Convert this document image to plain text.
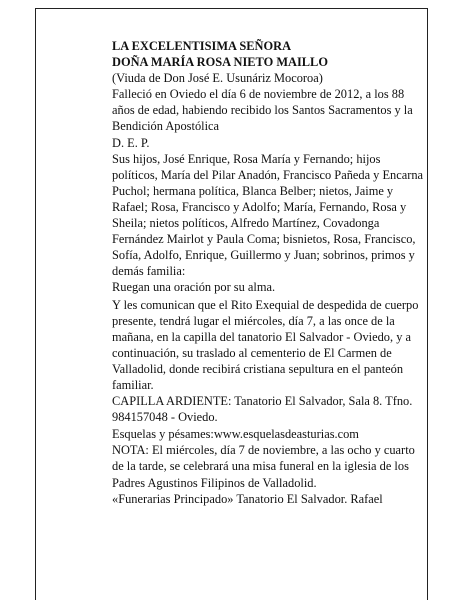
LA EXCELENTISIMA SEÑORA

DOÑA MARÍA ROSA NIETO MAILLO

(Viuda de Don José E. Usunáriz Mocoroa)

Falleció en Oviedo el día 6 de noviembre de 2012, a los 88 años de edad, habiendo recibido los Santos Sacramentos y la Bendición Apostólica

D. E. P.

Sus hijos, José Enrique, Rosa María y Fernando; hijos políticos, María del Pilar Anadón, Francisco Pañeda y Encarna Puchol; hermana política, Blanca Belber; nietos, Jaime y Rafael; Rosa, Francisco y Adolfo; María, Fernando, Rosa y Sheila; nietos políticos, Alfredo Martínez, Covadonga Fernández Mairlot y Paula Coma; bisnietos, Rosa, Francisco, Sofía, Adolfo, Enrique, Guillermo y Juan; sobrinos, primos y demás familia:

Ruegan una oración por su alma.

Y les comunican que el Rito Exequial de despedida de cuerpo presente, tendrá lugar el miércoles, día 7, a las once de la mañana, en la capilla del tanatorio El Salvador - Oviedo, y a continuación, su traslado al cementerio de El Carmen de Valladolid, donde recibirá cristiana sepultura en el panteón familiar.

CAPILLA ARDIENTE: Tanatorio El Salvador, Sala 8. Tfno. 984157048 - Oviedo.

Esquelas y pésames:www.esquelasdeasturias.com

NOTA: El miércoles, día 7 de noviembre, a las ocho y cuarto de la tarde, se celebrará una misa funeral en la iglesia de los Padres Agustinos Filipinos de Valladolid.

«Funerarias Principado» Tanatorio El Salvador. Rafael
